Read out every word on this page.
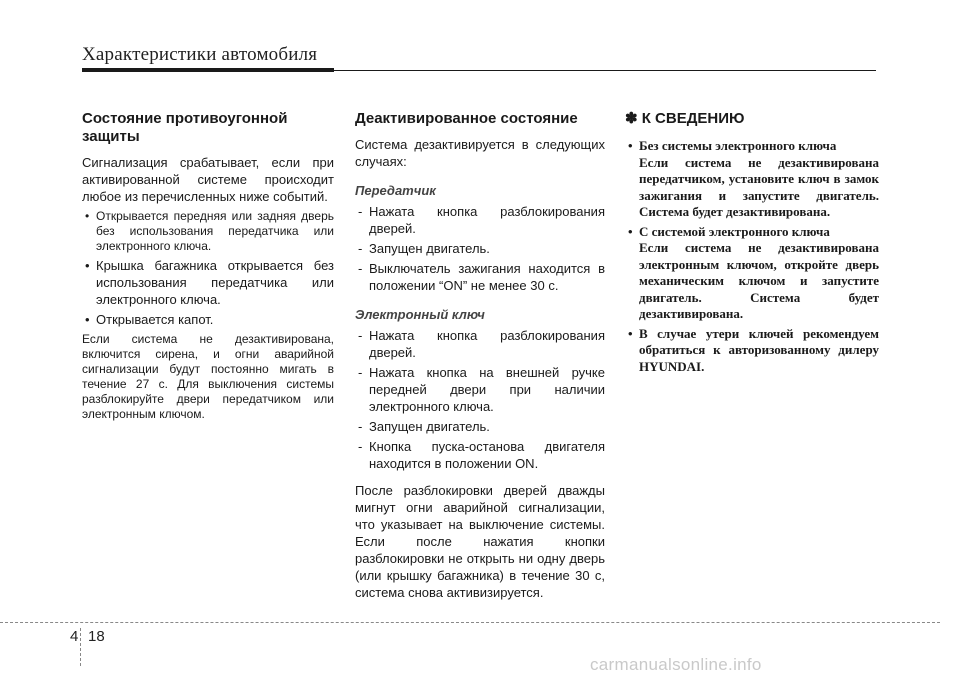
Характеристики автомобиля
Состояние противоугонной защиты

Сигнализация срабатывает, если при активированной системе происходит любое из перечисленных ниже событий.

• Открывается передняя или задняя дверь без использования передатчика или электронного ключа.
• Крышка багажника открывается без использования передатчика или электронного ключа.
• Открывается капот.

Если система не дезактивирована, включится сирена, и огни аварийной сигнализации будут постоянно мигать в течение 27 с. Для выключения системы разблокируйте двери передатчиком или электронным ключом.

Деактивированное состояние

Система дезактивируется в следующих случаях:

Передатчик
- Нажата кнопка разблокирования дверей.
- Запущен двигатель.
- Выключатель зажигания находится в положении “ON” не менее 30 с.
Электронный ключ
- Нажата кнопка разблокирования дверей.
- Нажата кнопка на внешней ручке передней двери при наличии электронного ключа.
- Запущен двигатель.
- Кнопка пуска-останова двигателя находится в положении ON.

После разблокировки дверей дважды мигнут огни аварийной сигнализации, что указывает на выключение системы. Если после нажатия кнопки разблокировки не открыть ни одну дверь (или крышку багажника) в течение 30 с, система снова активизируется.

✽ К СВЕДЕНИЮ
• Без системы электронного ключа
Если система не дезактивирована передатчиком, установите ключ в замок зажигания и запустите двигатель. Система будет дезактивирована.
• С системой электронного ключа
Если система не дезактивирована электронным ключом, откройте дверь механическим ключом и запустите двигатель. Система будет дезактивирована.
• В случае утери ключей рекомендуем обратиться к авторизованному дилеру HYUNDAI.
4 18
carmanualsonline.info
